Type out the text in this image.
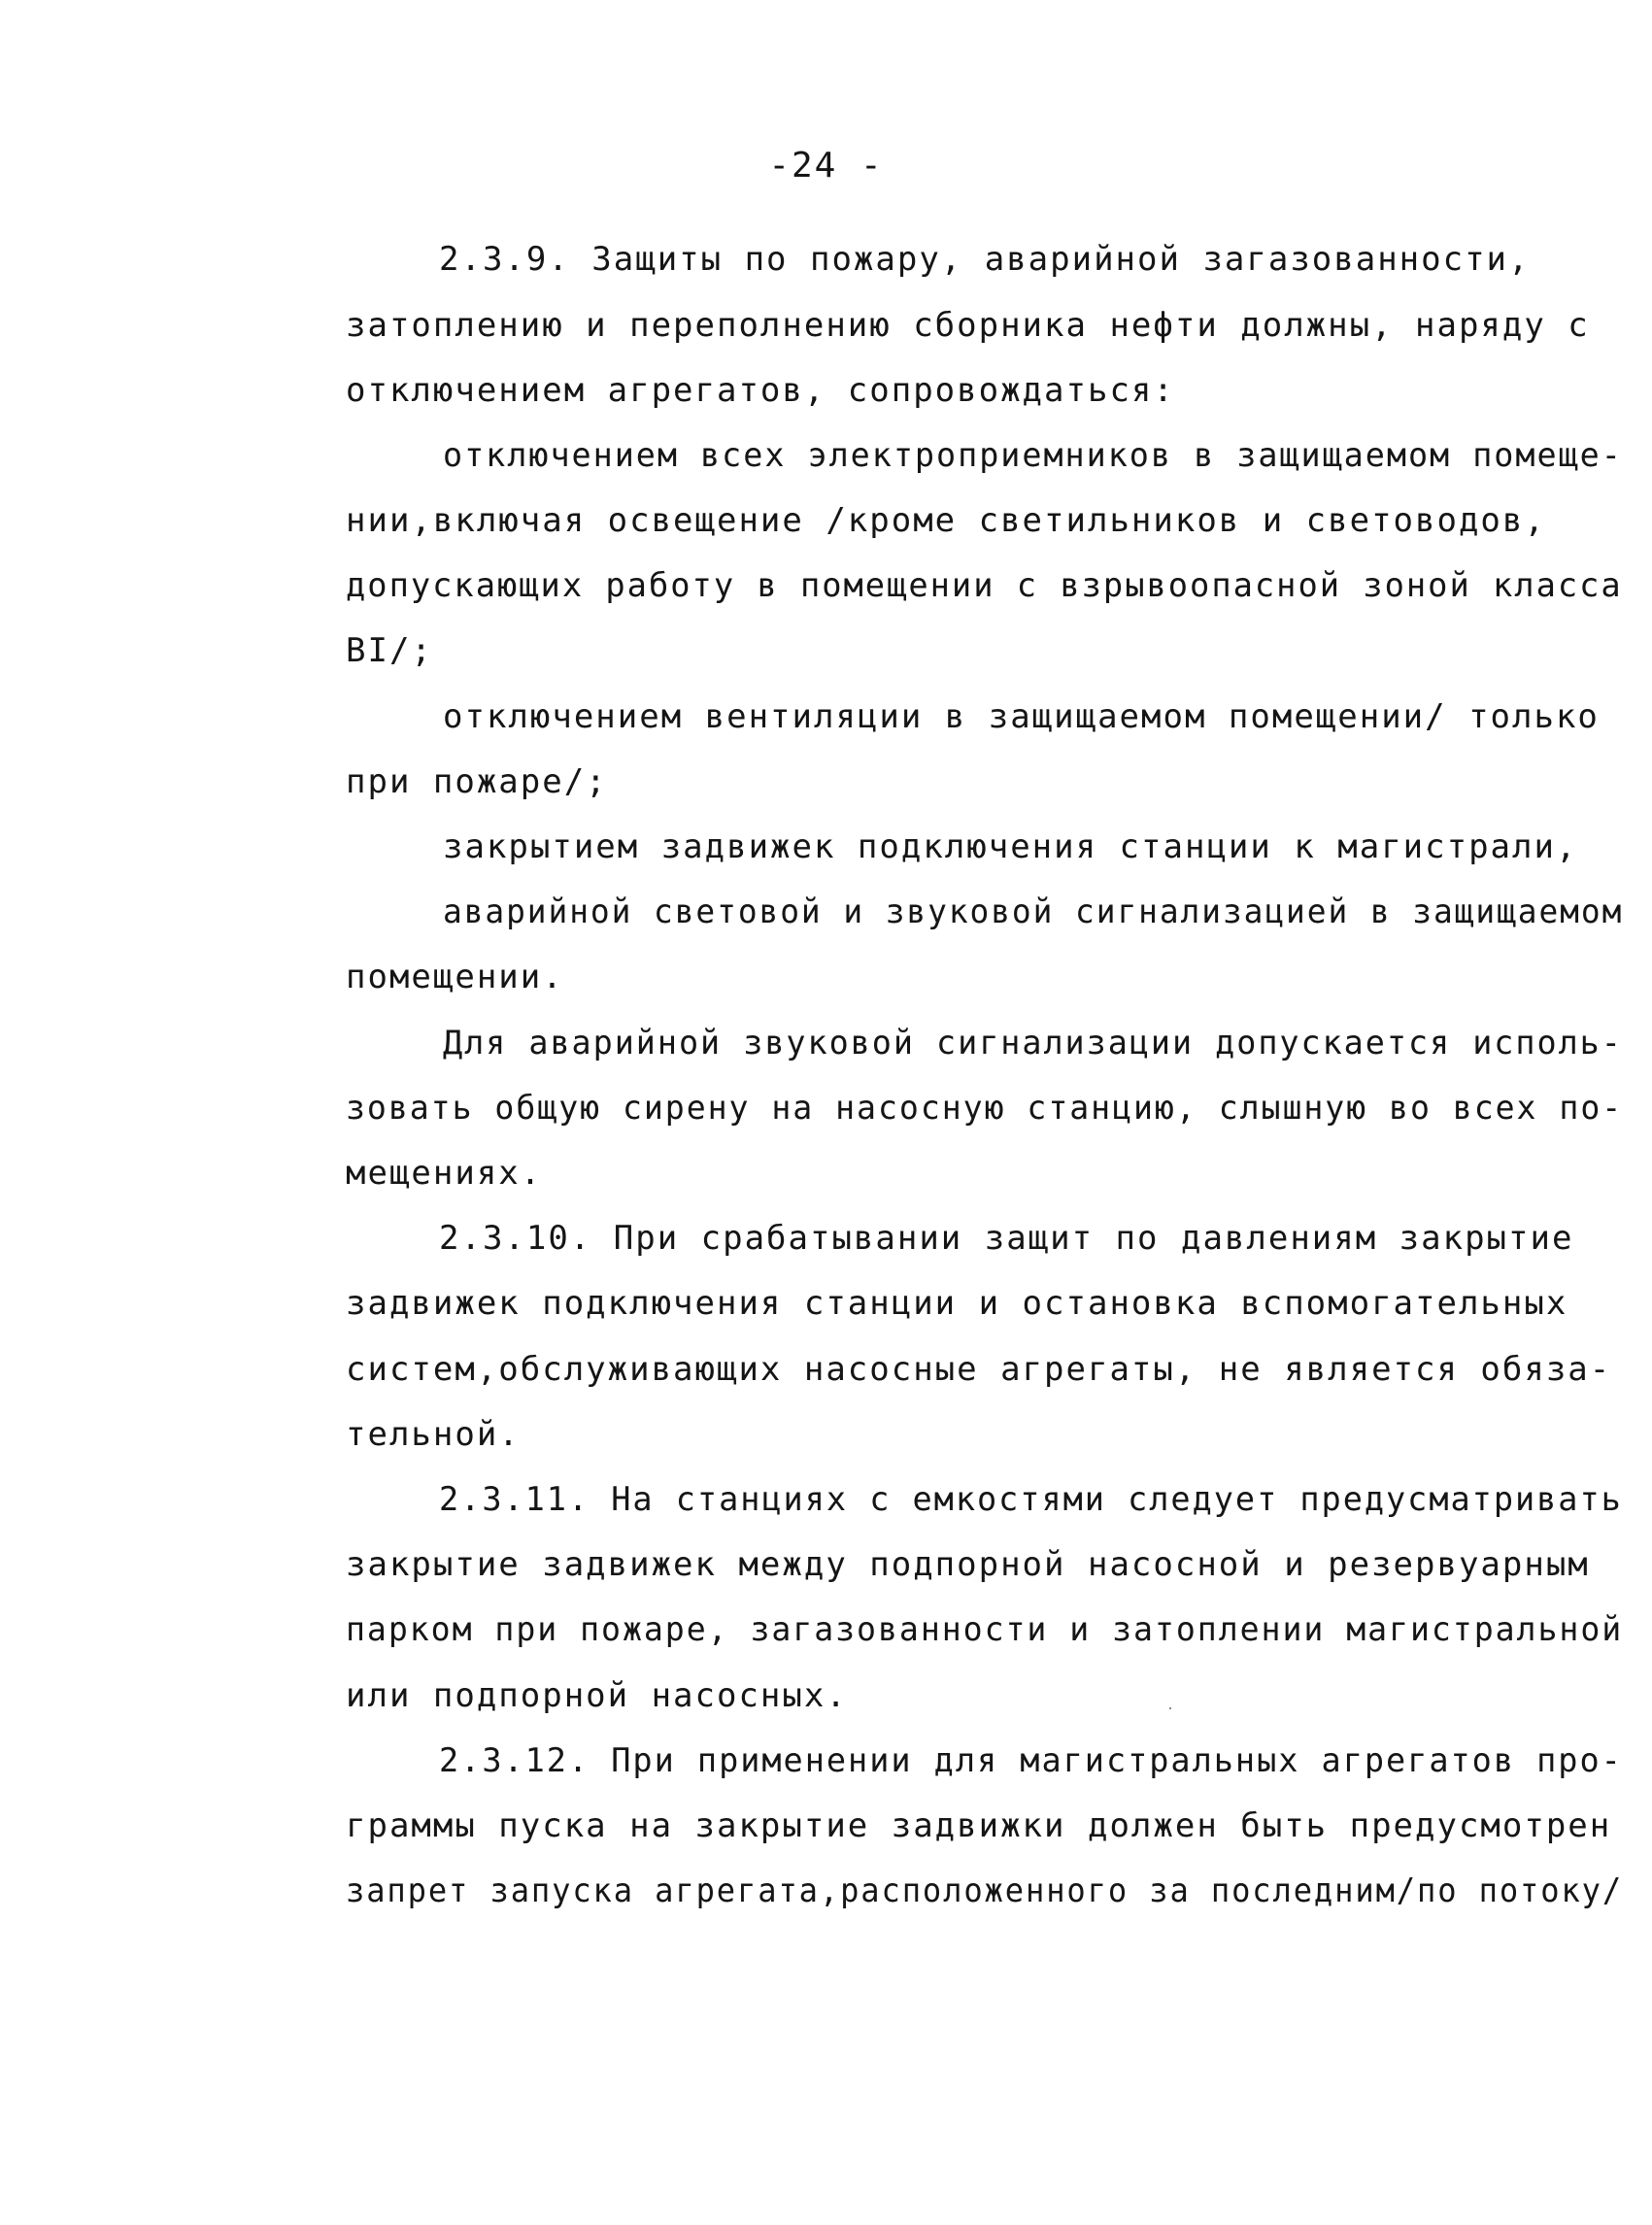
-24 -
2.3.9. Защиты по пожару, аварийной загазованности,
затоплению и переполнению сборника нефти должны, наряду с
отключением агрегатов, сопровождаться:
отключением всех электроприемников в защищаемом помеще-
нии,включая освещение /кроме светильников и световодов,
допускающих работу в помещении с взрывоопасной зоной класса
BI/;
отключением вентиляции в защищаемом помещении/ только
при пожаре/;
закрытием задвижек подключения станции к магистрали,
аварийной световой и звуковой сигнализацией в защищаемом
помещении.
Для аварийной звуковой сигнализации допускается исполь-
зовать общую сирену на насосную станцию, слышную во всех по-
мещениях.
2.3.10. При срабатывании защит по давлениям закрытие
задвижек подключения станции и остановка вспомогательных
систем,обслуживающих насосные агрегаты, не является обяза-
тельной.
2.3.11. На станциях с емкостями следует предусматривать
закрытие задвижек между подпорной насосной и резервуарным
парком при пожаре, загазованности и затоплении магистральной
или подпорной насосных.
2.3.12. При применении для магистральных агрегатов про-
граммы пуска на закрытие задвижки должен быть предусмотрен
запрет запуска агрегата,расположенного за последним/по потоку/
